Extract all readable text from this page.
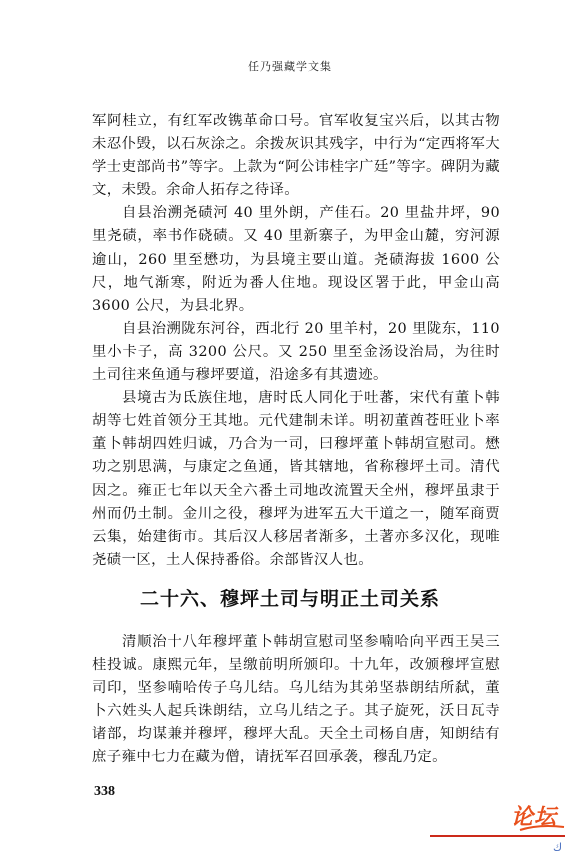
任乃强藏学文集

军阿桂立，有红军改镌革命口号。官军收复宝兴后，以其古物未忍仆毁，以石灰涂之。余拨灰识其残字，中行为“定西将军大学士吏部尚书”等字。上款为“阿公讳桂字广廷”等字。碑阴为藏文，未毁。余命人拓存之待译。

自县治溯尧碛河 40 里外朗，产佳石。20 里盐井坪，90 里尧碛，率书作硗碛。又 40 里新寨子，为甲金山麓，穷河源逾山，260 里至懋功，为县境主要山道。尧碛海拔 1600 公尺，地气渐寒，附近为番人住地。现设区署于此，甲金山高 3600 公尺，为县北界。

自县治溯陇东河谷，西北行 20 里羊村，20 里陇东，110 里小卡子，高 3200 公尺。又 250 里至金汤设治局，为往时土司往来鱼通与穆坪要道，沿途多有其遗迹。

县境古为氐族住地，唐时氐人同化于吐蕃，宋代有董卜韩胡等七姓首领分王其地。元代建制未详。明初董酋苍旺业卜率董卜韩胡四姓归诚，乃合为一司，曰穆坪董卜韩胡宣慰司。懋功之别思满，与康定之鱼通，皆其辖地，省称穆坪土司。清代因之。雍正七年以天全六番土司地改流置天全州，穆坪虽隶于州而仍土制。金川之役，穆坪为进军五大干道之一，随军商贾云集，始建街市。其后汉人移居者渐多，土著亦多汉化，现唯尧碛一区，土人保持番俗。余部皆汉人也。

二十六、穆坪土司与明正土司关系

清顺治十八年穆坪董卜韩胡宣慰司坚参喃哈向平西王吴三桂投诚。康熙元年，呈缴前明所颁印。十九年，改颁穆坪宣慰司印，坚参喃哈传子乌儿结。乌儿结为其弟坚恭朗结所弑，董卜六姓头人起兵诛朗结，立乌儿结之子。其子旋死，沃日瓦寺诸部，均谋兼并穆坪，穆坪大乱。天全土司杨自唐，知朗结有庶子雍中七力在藏为僧，请抚军召回承袭，穆乱乃定。

338
论坛
ك
